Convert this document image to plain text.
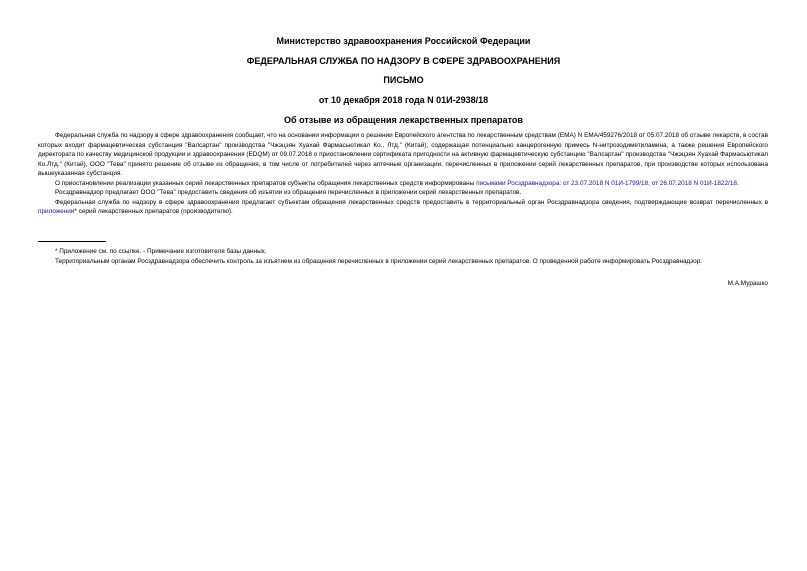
Министерство здравоохранения Российской Федерации
ФЕДЕРАЛЬНАЯ СЛУЖБА ПО НАДЗОРУ В СФЕРЕ ЗДРАВООХРАНЕНИЯ
ПИСЬМО
от 10 декабря 2018 года N 01И-2938/18
Об отзыве из обращения лекарственных препаратов

Федеральная служба по надзору в сфере здравоохранения сообщает, что на основании информации о решении Европейского агентства по лекарственным средствам (EMA) N EMA/459276/2018 от 05.07.2018 об отзыве лекарств, в состав которых входит фармацевтическая субстанция "Валсартан" производства "Чжэцзян Хуахай Фармасьютикал Ко., Лтд." (Китай), содержащая потенциально канцерогенную примесь N-нитрозодиметиламина, а также решения Европейского директората по качеству медицинской продукции и здравоохранения (EDQM) от 09.07.2018 о приостановлении сертификата пригодности на активную фармацевтическую субстанцию "Валсартан" производства "Чжэцзян Хуахай Фармасьютикал Ко.Лтд." (Китай), ООО "Тева" принято решение об отзыве из обращения, в том числе от потребителей через аптечные организации, перечисленных в приложении серий лекарственных препаратов, при производстве которых использована вышеуказанная субстанция.

О приостановлении реализации указанных серий лекарственных препаратов субъекты обращения лекарственных средств информированы письмами Росздравнадзора: от 23.07.2018 N 01И-1799/18, от 26.07.2018 N 01И-1822/18.

Росздравнадзор предлагает ООО "Тева" предоставить сведения об изъятии из обращения перечисленных в приложении серий лекарственных препаратов.

Федеральная служба по надзору в сфере здравоохранения предлагает субъектам обращения лекарственных средств предоставить в территориальный орган Росздравнадзора сведения, подтверждающие возврат перечисленных в приложении* серий лекарственных препаратов (производителю).

* Приложение см. по ссылке. - Примечание изготовителя базы данных.

Территориальным органам Росздравнадзора обеспечить контроль за изъятием из обращения перечисленных в приложении серий лекарственных препаратов. О проведенной работе информировать Росздравнадзор.

М.А.Мурашко
